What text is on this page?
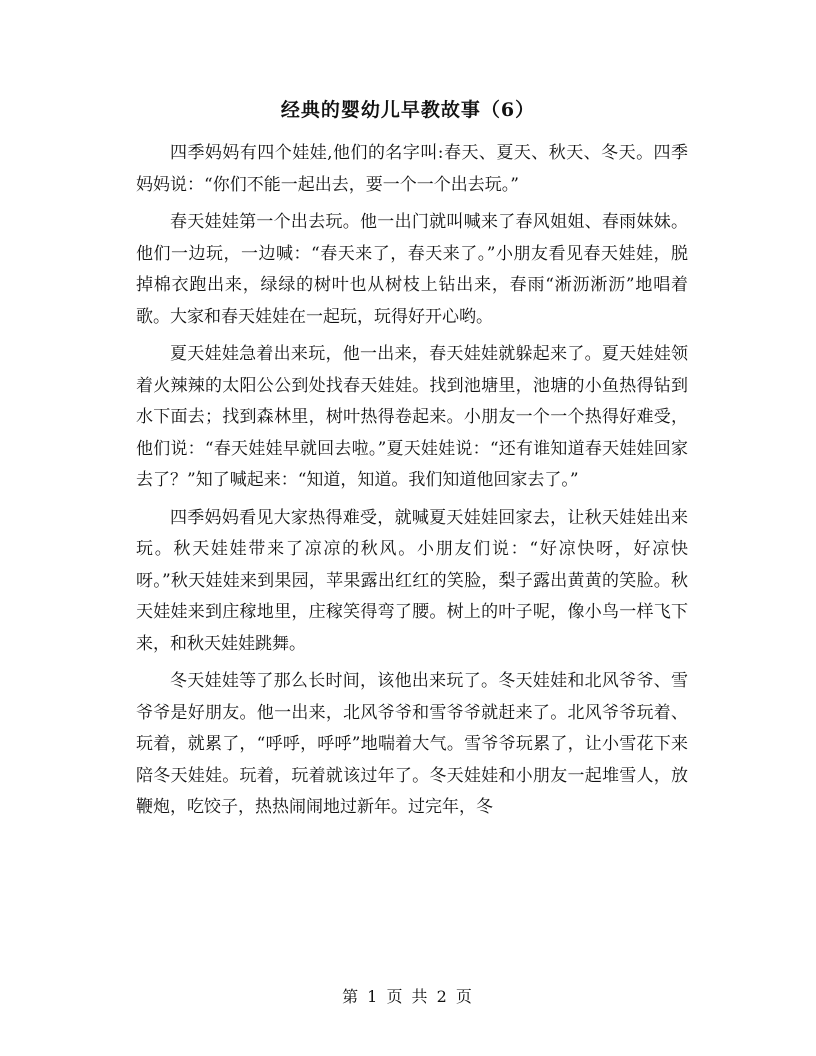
经典的婴幼儿早教故事（6）

四季妈妈有四个娃娃,他们的名字叫:春天、夏天、秋天、冬天。四季妈妈说：“你们不能一起出去，要一个一个出去玩。”

春天娃娃第一个出去玩。他一出门就叫喊来了春风姐姐、春雨妹妹。他们一边玩，一边喊：“春天来了，春天来了。”小朋友看见春天娃娃，脱掉棉衣跑出来，绿绿的树叶也从树枝上钻出来，春雨“淅沥淅沥”地唱着歌。大家和春天娃娃在一起玩，玩得好开心哟。

夏天娃娃急着出来玩，他一出来，春天娃娃就躲起来了。夏天娃娃领着火辣辣的太阳公公到处找春天娃娃。找到池塘里，池塘的小鱼热得钻到水下面去；找到森林里，树叶热得卷起来。小朋友一个一个热得好难受，他们说：“春天娃娃早就回去啦。”夏天娃娃说：“还有谁知道春天娃娃回家去了？”知了喊起来：“知道，知道。我们知道他回家去了。”

四季妈妈看见大家热得难受，就喊夏天娃娃回家去，让秋天娃娃出来玩。秋天娃娃带来了凉凉的秋风。小朋友们说：“好凉快呀，好凉快呀。”秋天娃娃来到果园，苹果露出红红的笑脸，梨子露出黄黄的笑脸。秋天娃娃来到庄稼地里，庄稼笑得弯了腰。树上的叶子呢，像小鸟一样飞下来，和秋天娃娃跳舞。

冬天娃娃等了那么长时间，该他出来玩了。冬天娃娃和北风爷爷、雪爷爷是好朋友。他一出来，北风爷爷和雪爷爷就赶来了。北风爷爷玩着、玩着，就累了，“呼呼，呼呼”地喘着大气。雪爷爷玩累了，让小雪花下来陪冬天娃娃。玩着，玩着就该过年了。冬天娃娃和小朋友一起堆雪人，放鞭炮，吃饺子，热热闹闹地过新年。过完年，冬

第 1 页 共 2 页
